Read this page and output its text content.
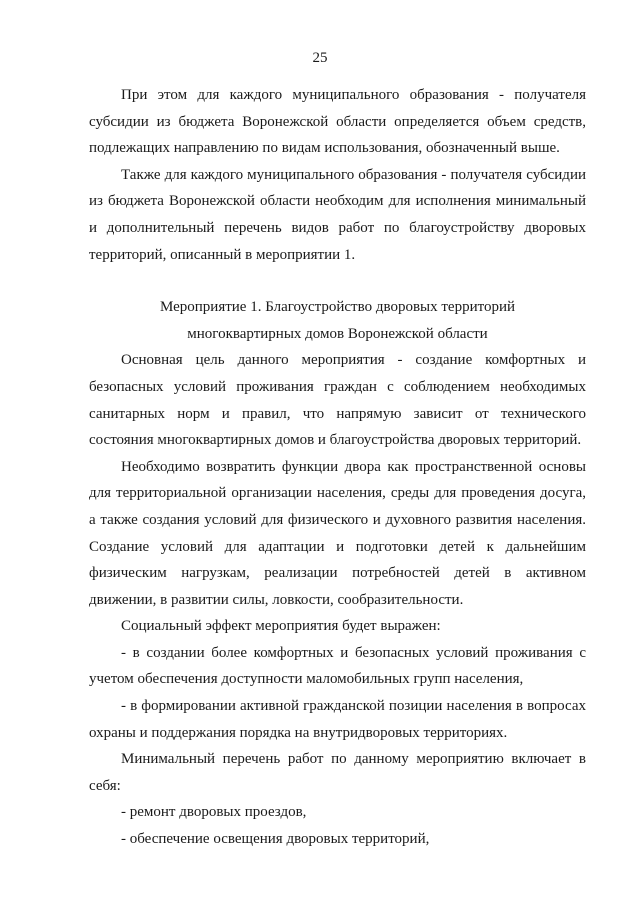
25

При этом для каждого муниципального образования - получателя субсидии из бюджета Воронежской области определяется объем средств, подлежащих направлению по видам использования, обозначенный выше.

Также для каждого муниципального образования - получателя субсидии из бюджета Воронежской области необходим для исполнения минимальный и дополнительный перечень видов работ по благоустройству дворовых территорий, описанный в мероприятии 1.

Мероприятие 1. Благоустройство дворовых территорий
многоквартирных домов Воронежской области

Основная цель данного мероприятия - создание комфортных и безопасных условий проживания граждан с соблюдением необходимых санитарных норм и правил, что напрямую зависит от технического состояния многоквартирных домов и благоустройства дворовых территорий.

Необходимо возвратить функции двора как пространственной основы для территориальной организации населения, среды для проведения досуга, а также создания условий для физического и духовного развития населения. Создание условий для адаптации и подготовки детей к дальнейшим физическим нагрузкам, реализации потребностей детей в активном движении, в развитии силы, ловкости, сообразительности.

Социальный эффект мероприятия будет выражен:

- в создании более комфортных и безопасных условий проживания с учетом обеспечения доступности маломобильных групп населения,

- в формировании активной гражданской позиции населения в вопросах охраны и поддержания порядка на внутридворовых территориях.

Минимальный перечень работ по данному мероприятию включает в себя:

- ремонт дворовых проездов,

- обеспечение освещения дворовых территорий,
